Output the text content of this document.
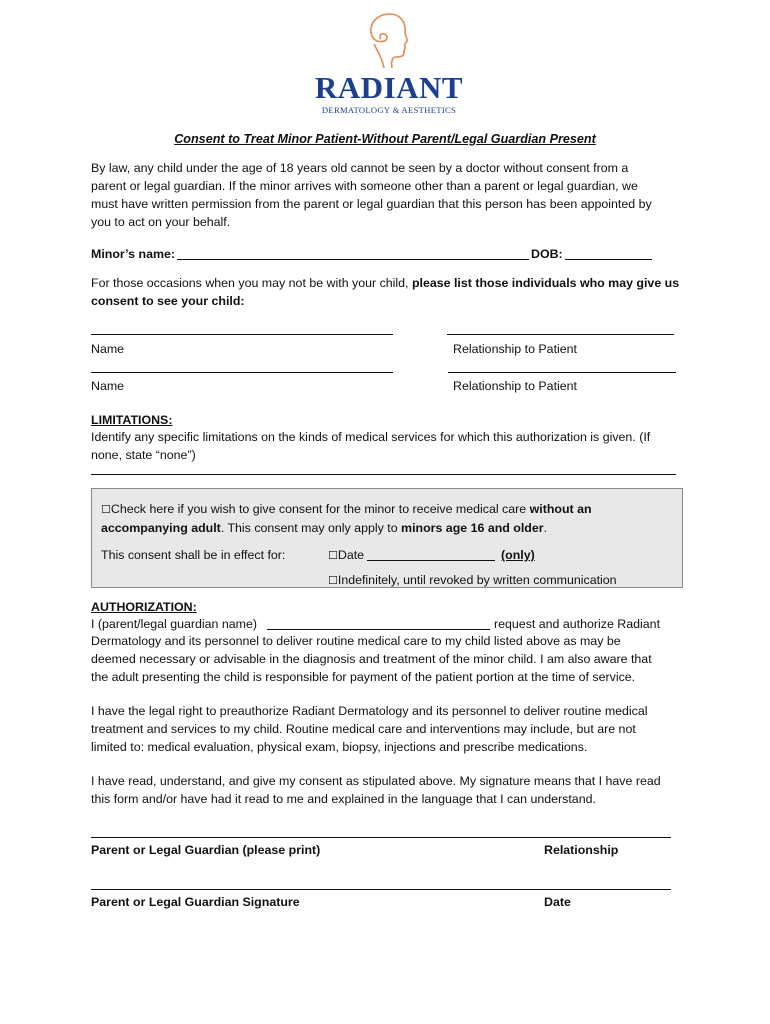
RADIANT
DERMATOLOGY & AESTHETICS
Consent to Treat Minor Patient-Without Parent/Legal Guardian Present
By law, any child under the age of 18 years old cannot be seen by a doctor without consent from a
parent or legal guardian. If the minor arrives with someone other than a parent or legal guardian, we
must have written permission from the parent or legal guardian that this person has been appointed by
you to act on your behalf.
Minor’s name:	DOB:
For those occasions when you may not be with your child, please list those individuals who may give us
consent to see your child:
Name	Relationship to Patient
Name	Relationship to Patient
LIMITATIONS:
Identify any specific limitations on the kinds of medical services for which this authorization is given. (If
none, state “none”)
☐Check here if you wish to give consent for the minor to receive medical care without an
accompanying adult. This consent may only apply to minors age 16 and older.
This consent shall be in effect for:	☐Date	(only)
☐Indefinitely, until revoked by written communication
AUTHORIZATION:
I (parent/legal guardian name)	request and authorize Radiant
Dermatology and its personnel to deliver routine medical care to my child listed above as may be
deemed necessary or advisable in the diagnosis and treatment of the minor child. I am also aware that
the adult presenting the child is responsible for payment of the patient portion at the time of service.
I have the legal right to preauthorize Radiant Dermatology and its personnel to deliver routine medical
treatment and services to my child. Routine medical care and interventions may include, but are not
limited to: medical evaluation, physical exam, biopsy, injections and prescribe medications.
I have read, understand, and give my consent as stipulated above. My signature means that I have read
this form and/or have had it read to me and explained in the language that I can understand.
Parent or Legal Guardian (please print)	Relationship
Parent or Legal Guardian Signature	Date
